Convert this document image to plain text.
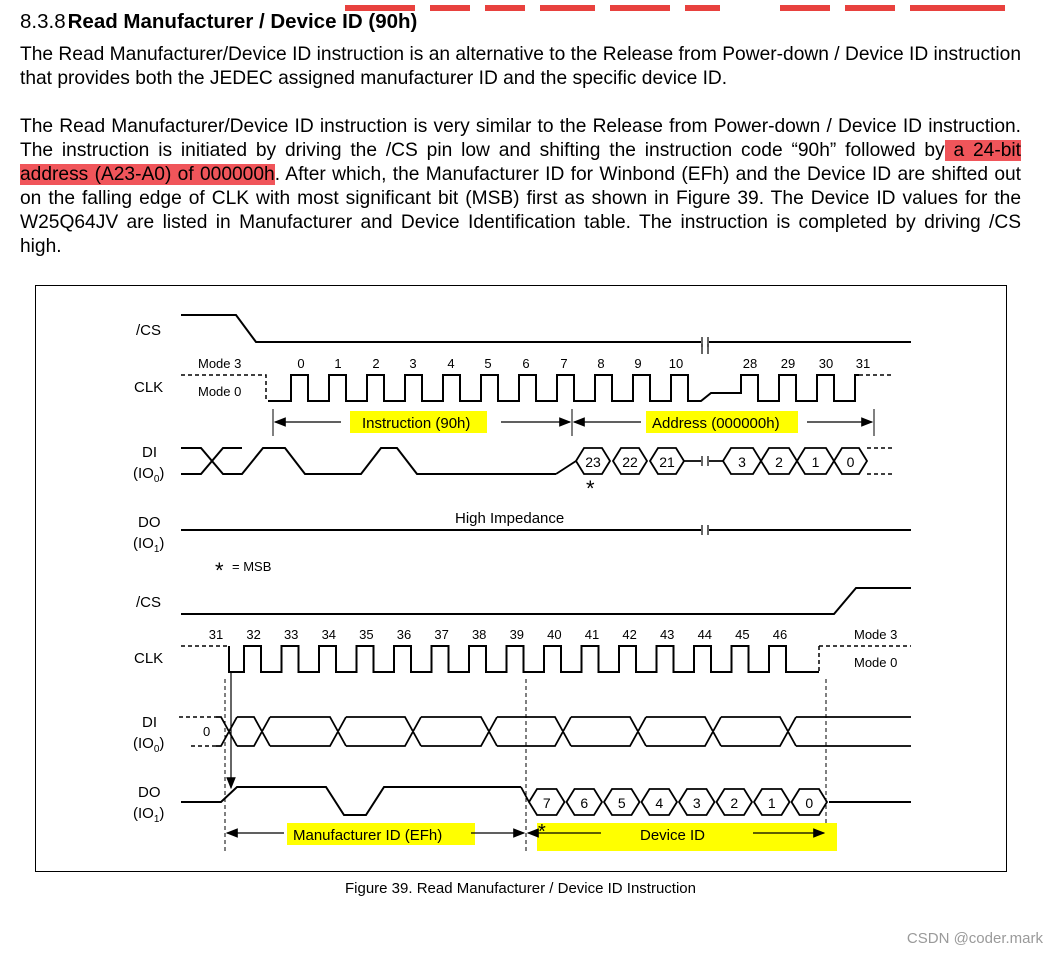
8.3.8Read Manufacturer / Device ID (90h)

The Read Manufacturer/Device ID instruction is an alternative to the Release from Power-down / Device ID instruction that provides both the JEDEC assigned manufacturer ID and the specific device ID.

The Read Manufacturer/Device ID instruction is very similar to the Release from Power-down / Device ID instruction. The instruction is initiated by driving the /CS pin low and shifting the instruction code “90h” followed by a 24-bit address (A23-A0) of 000000h. After which, the Manufacturer ID for Winbond (EFh) and the Device ID are shifted out on the falling edge of CLK with most significant bit (MSB) first as shown in Figure 39. The Device ID values for the W25Q64JV are listed in Manufacturer and Device Identification table. The instruction is completed by driving /CS high.

/CS
CLK
DI
$(IO_0)$
DO
$(IO_1)$
Mode 3
Mode 0
0 1 2 3 4 5 6 7 8 9 10	28 29 30 31
Instruction (90h)	Address (000000h)
23 22 21	3 2 1 0
*
High Impedance
* = MSB
/CS
CLK
DI
$(IO_0)$
DO
$(IO_1)$
31 32 33 34 35 36 37 38 39 40 41 42 43 44 45 46	Mode 3
Mode 0
0
7 6 5 4 3 2 1 0
Manufacturer ID (EFh)	Device ID
*
Figure 39. Read Manufacturer / Device ID Instruction
CSDN @coder.mark
